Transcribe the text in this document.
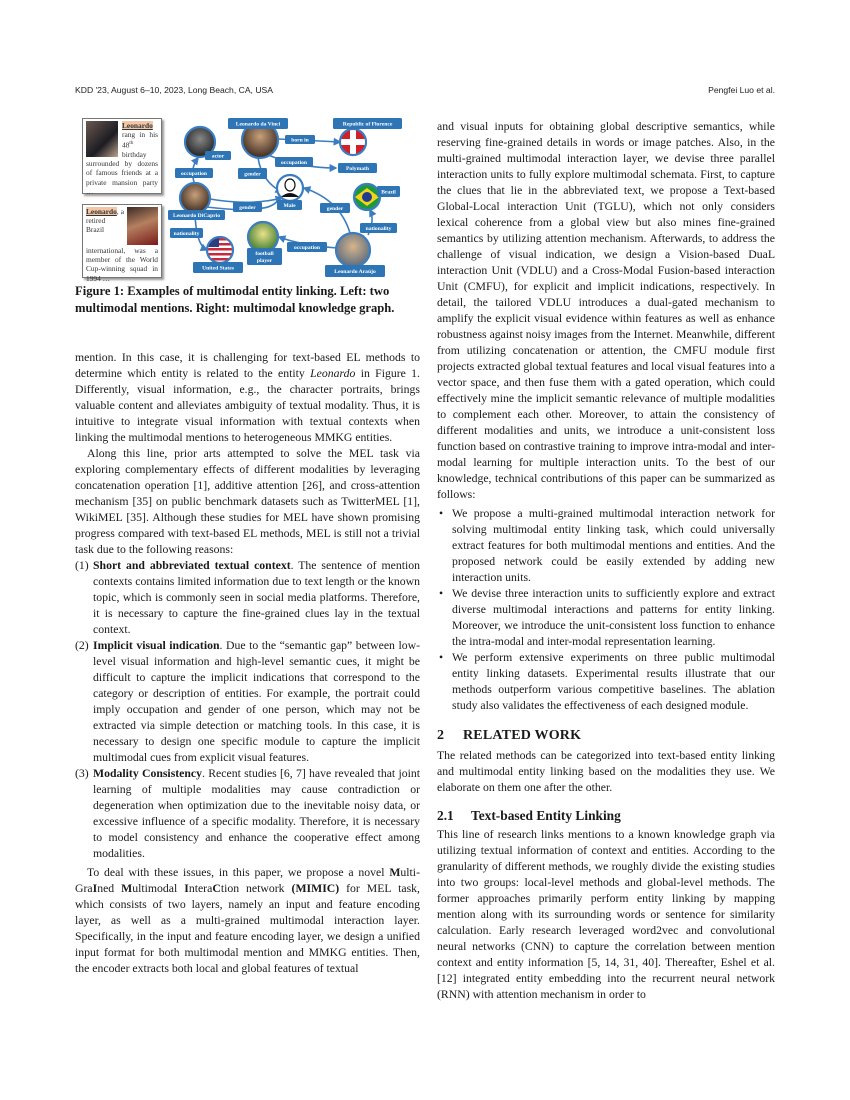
KDD '23, August 6–10, 2023, Long Beach, CA, USA	Pengfei Luo et al.
Leonardo da Vinci	Republic of Florence
born in
actor
occupation
occupation
Polymath
gender
Male
Leonardo DiCaprio
gender	gender
Brazil
nationality
nationality
United States
football
player
occupation
Leonardo Araújo
Leonardo rang in his 48th birthday surrounded by dozens of famous friends at a private mansion party …
Leonardo, a retired Brazil international, was a member of the World Cup-winning squad in 1994 …
Figure 1: Examples of multimodal entity linking. Left: two multimodal mentions. Right: multimodal knowledge graph.

mention. In this case, it is challenging for text-based EL methods to determine which entity is related to the entity Leonardo in Figure 1. Differently, visual information, e.g., the character portraits, brings valuable content and alleviates ambiguity of textual modality. Thus, it is intuitive to integrate visual information with textual contexts when linking the multimodal mentions to heterogeneous MMKG entities.

Along this line, prior arts attempted to solve the MEL task via exploring complementary effects of different modalities by leveraging concatenation operation [1], additive attention [26], and cross-attention mechanism [35] on public benchmark datasets such as TwitterMEL [1], WikiMEL [35]. Although these studies for MEL have shown promising progress compared with text-based EL methods, MEL is still not a trivial task due to the following reasons:

(1) Short and abbreviated textual context. The sentence of mention contexts contains limited information due to text length or the known topic, which is commonly seen in social media platforms. Therefore, it is necessary to capture the fine-grained clues lay in the textual context.
(2) Implicit visual indication. Due to the “semantic gap” between low-level visual information and high-level semantic cues, it might be difficult to capture the implicit indications that correspond to the category or description of entities. For example, the portrait could imply occupation and gender of one person, which may not be extracted via simple detection or matching tools. In this case, it is necessary to design one specific module to capture the implicit multimodal cues from explicit visual features.
(3) Modality Consistency. Recent studies [6, 7] have revealed that joint learning of multiple modalities may cause contradiction or degeneration when optimization due to the inevitable noisy data, or excessive influence of a specific modality. Therefore, it is necessary to model consistency and enhance the cooperative effect among modalities.

To deal with these issues, in this paper, we propose a novel Multi-GraIned Multimodal InteraCtion network (MIMIC) for MEL task, which consists of two layers, namely an input and feature encoding layer, as well as a multi-grained multimodal interaction layer. Specifically, in the input and feature encoding layer, we design a unified input format for both multimodal mention and MMKG entities. Then, the encoder extracts both local and global features of textual

and visual inputs for obtaining global descriptive semantics, while reserving fine-grained details in words or image patches. Also, in the multi-grained multimodal interaction layer, we devise three parallel interaction units to fully explore multimodal schemata. First, to capture the clues that lie in the abbreviated text, we propose a Text-based Global-Local interaction Unit (TGLU), which not only considers lexical coherence from a global view but also mines fine-grained semantics by utilizing attention mechanism. Afterwards, to address the challenge of visual indication, we design a Vision-based DuaL interaction Unit (VDLU) and a Cross-Modal Fusion-based interaction Unit (CMFU), for explicit and implicit indications, respectively. In detail, the tailored VDLU introduces a dual-gated mechanism to amplify the explicit visual evidence within features as well as enhance robustness against noisy images from the Internet. Meanwhile, different from utilizing concatenation or attention, the CMFU module first projects extracted global textual features and local visual features into a vector space, and then fuse them with a gated operation, which could effectively mine the implicit semantic relevance of multiple modalities to complement each other. Moreover, to attain the consistency of different modalities and units, we introduce a unit-consistent loss function based on contrastive training to improve intra-modal and inter-modal learning for multiple interaction units. To the best of our knowledge, technical contributions of this paper can be summarized as follows:

• We propose a multi-grained multimodal interaction network for solving multimodal entity linking task, which could universally extract features for both multimodal mentions and entities. And the proposed network could be easily extended by adding new interaction units.
• We devise three interaction units to sufficiently explore and extract diverse multimodal interactions and patterns for entity linking. Moreover, we introduce the unit-consistent loss function to enhance the intra-modal and inter-modal representation learning.
• We perform extensive experiments on three public multimodal entity linking datasets. Experimental results illustrate that our methods outperform various competitive baselines. The ablation study also validates the effectiveness of each designed module.
2 RELATED WORK

The related methods can be categorized into text-based entity linking and multimodal entity linking based on the modalities they use. We elaborate on them one after the other.

2.1 Text-based Entity Linking

This line of research links mentions to a known knowledge graph via utilizing textual information of context and entities. According to the granularity of different methods, we roughly divide the existing studies into two groups: local-level methods and global-level methods. The former approaches primarily perform entity linking by mapping mention along with its surrounding words or sentence for similarity calculation. Early research leveraged word2vec and convolutional neural networks (CNN) to capture the correlation between mention context and entity information [5, 14, 31, 40]. Thereafter, Eshel et al. [12] integrated entity embedding into the recurrent neural network (RNN) with attention mechanism in order to
